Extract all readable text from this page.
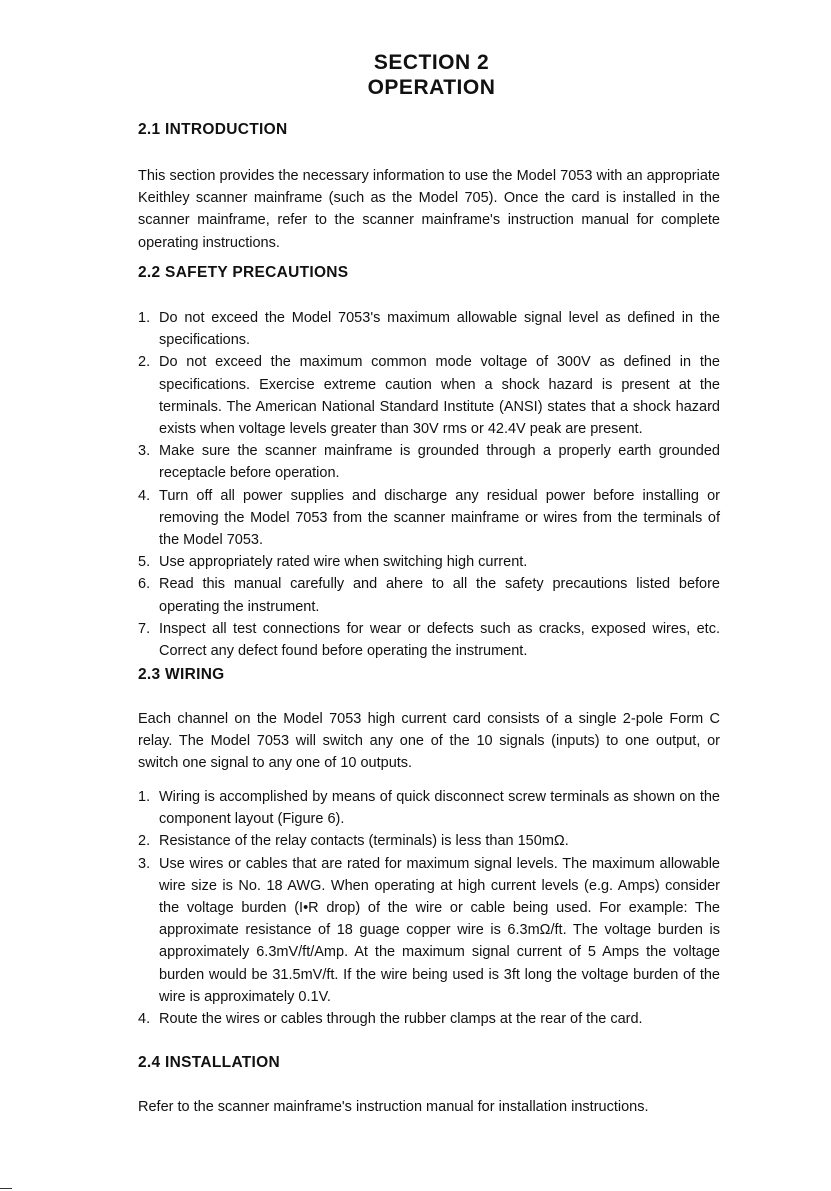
SECTION 2
OPERATION
2.1 INTRODUCTION

This section provides the necessary information to use the Model 7053 with an appropriate Keithley scanner mainframe (such as the Model 705). Once the card is installed in the scanner mainframe, refer to the scanner mainframe's instruction manual for complete operating instructions.

2.2 SAFETY PRECAUTIONS
1. Do not exceed the Model 7053's maximum allowable signal level as defined in the specifications.
2. Do not exceed the maximum common mode voltage of 300V as defined in the specifications. Exercise extreme caution when a shock hazard is present at the terminals. The American National Standard Institute (ANSI) states that a shock hazard exists when voltage levels greater than 30V rms or 42.4V peak are present.
3. Make sure the scanner mainframe is grounded through a properly earth grounded receptacle before operation.
4. Turn off all power supplies and discharge any residual power before installing or removing the Model 7053 from the scanner mainframe or wires from the terminals of the Model 7053.
5. Use appropriately rated wire when switching high current.
6. Read this manual carefully and ahere to all the safety precautions listed before operating the instrument.
7. Inspect all test connections for wear or defects such as cracks, exposed wires, etc. Correct any defect found before operating the instrument.
2.3 WIRING

Each channel on the Model 7053 high current card consists of a single 2-pole Form C relay. The Model 7053 will switch any one of the 10 signals (inputs) to one output, or switch one signal to any one of 10 outputs.

1. Wiring is accomplished by means of quick disconnect screw terminals as shown on the component layout (Figure 6).
2. Resistance of the relay contacts (terminals) is less than 150mΩ.
3. Use wires or cables that are rated for maximum signal levels. The maximum allowable wire size is No. 18 AWG. When operating at high current levels (e.g. Amps) consider the voltage burden (I•R drop) of the wire or cable being used. For example: The approximate resistance of 18 guage copper wire is 6.3mΩ/ft. The voltage burden is approximately 6.3mV/ft/Amp. At the maximum signal current of 5 Amps the voltage burden would be 31.5mV/ft. If the wire being used is 3ft long the voltage burden of the wire is approximately 0.1V.
4. Route the wires or cables through the rubber clamps at the rear of the card.
2.4 INSTALLATION

Refer to the scanner mainframe's instruction manual for installation instructions.
